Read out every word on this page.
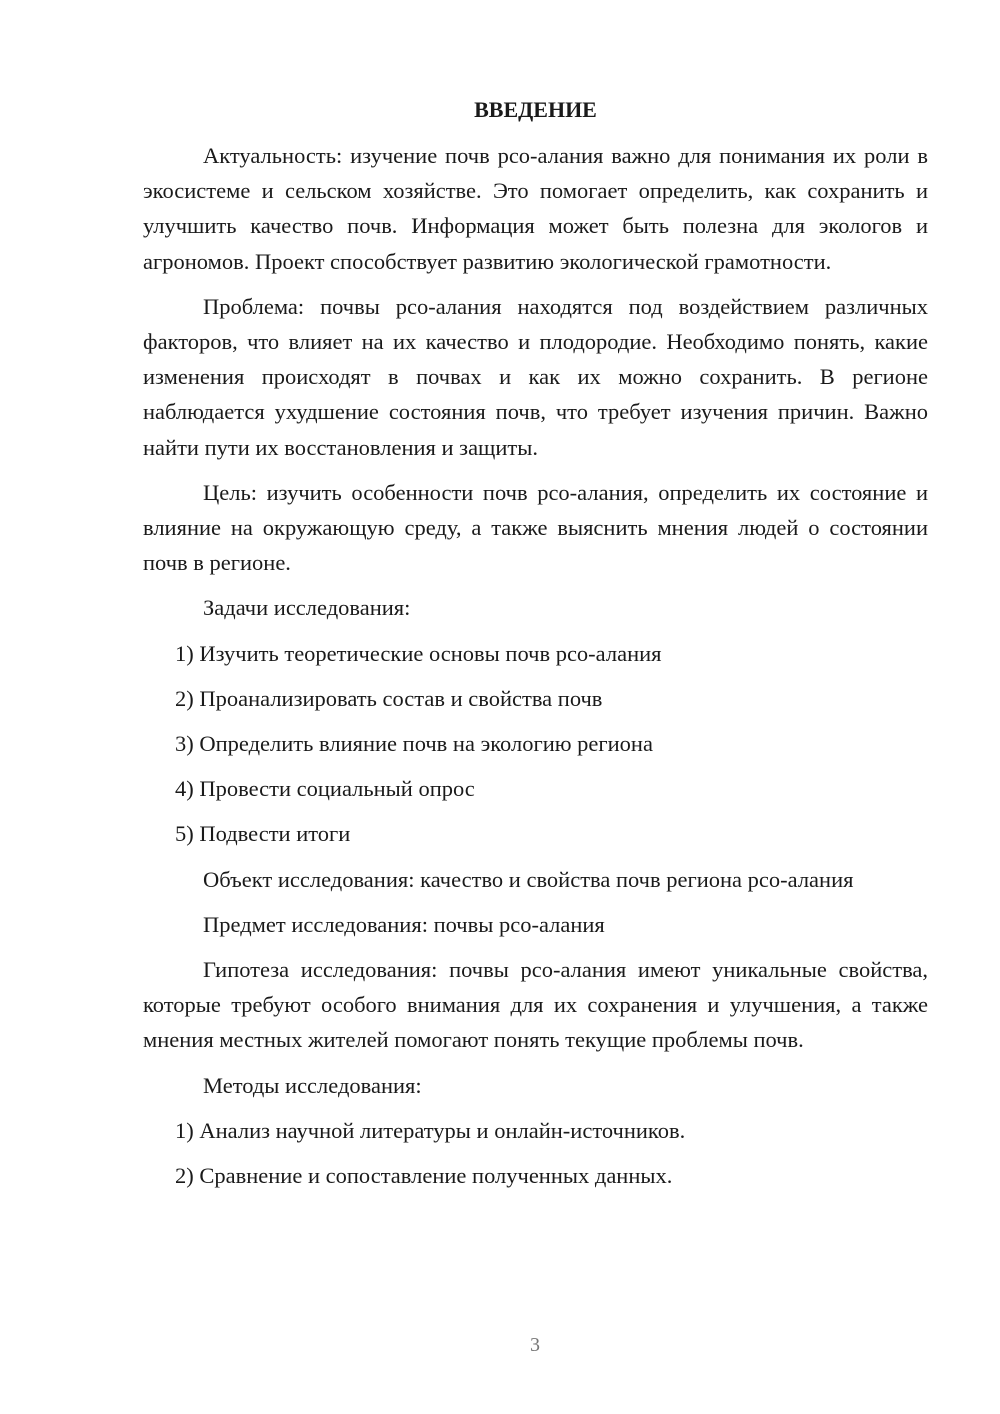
ВВЕДЕНИЕ

Актуальность: изучение почв рсо-алания важно для понимания их роли в экосистеме и сельском хозяйстве. Это помогает определить, как сохранить и улучшить качество почв. Информация может быть полезна для экологов и агрономов. Проект способствует развитию экологической грамотности.

Проблема: почвы рсо-алания находятся под воздействием различных факторов, что влияет на их качество и плодородие. Необходимо понять, какие изменения происходят в почвах и как их можно сохранить. В регионе наблюдается ухудшение состояния почв, что требует изучения причин. Важно найти пути их восстановления и защиты.

Цель: изучить особенности почв рсо-алания, определить их состояние и влияние на окружающую среду, а также выяснить мнения людей о состоянии почв в регионе.

Задачи исследования:
1) Изучить теоретические основы почв рсо-алания
2) Проанализировать состав и свойства почв
3) Определить влияние почв на экологию региона
4) Провести социальный опрос
5) Подвести итоги
Объект исследования: качество и свойства почв региона рсо-алания
Предмет исследования: почвы рсо-алания

Гипотеза исследования: почвы рсо-алания имеют уникальные свойства, которые требуют особого внимания для их сохранения и улучшения, а также мнения местных жителей помогают понять текущие проблемы почв.

Методы исследования:
1) Анализ научной литературы и онлайн-источников.
2) Сравнение и сопоставление полученных данных.
3
